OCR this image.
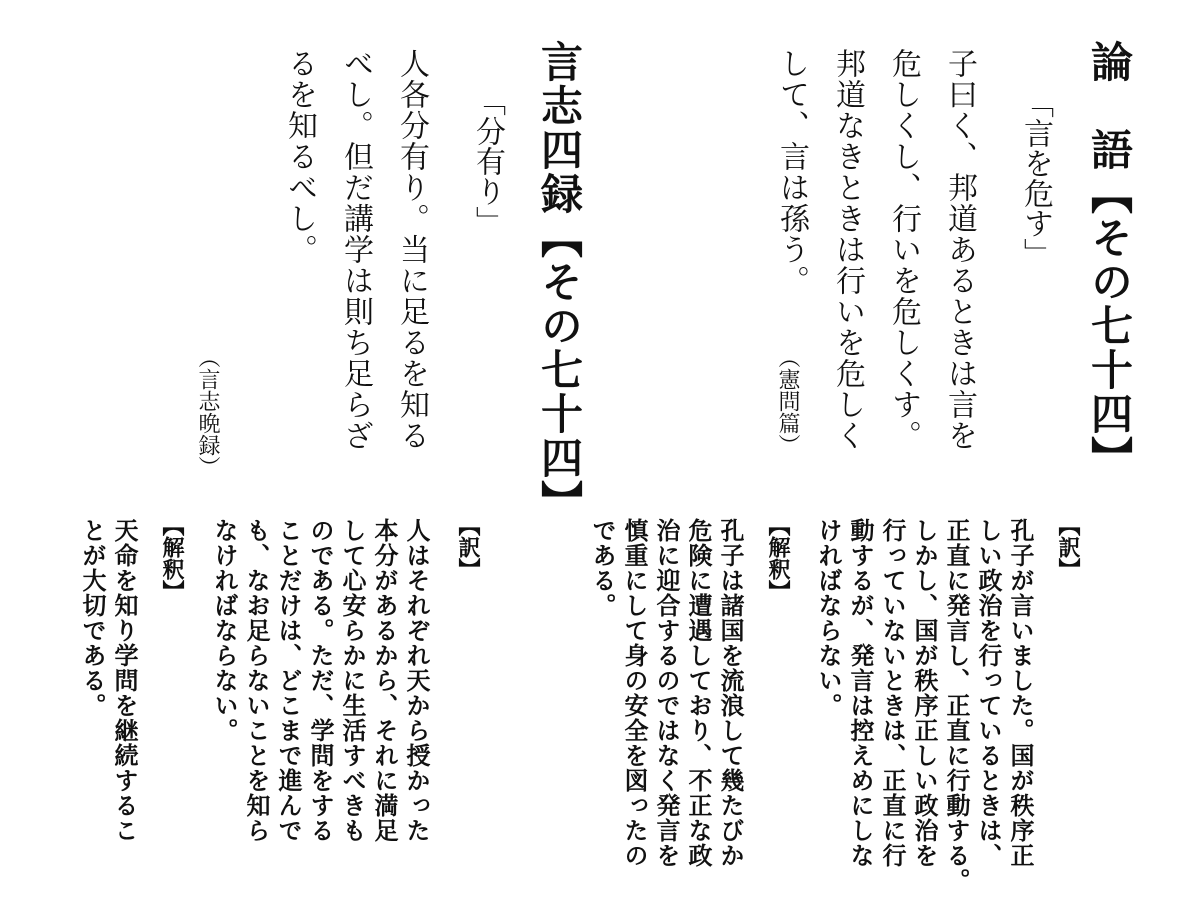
論　語【その七十四】
「言を危す」
子曰く、邦道あるときは言を
危しくし、行いを危しくす。
邦道なきときは行いを危しく
して、言は孫う。
（憲問篇）
【訳】
孔子が言いました。国が秩序正
しい政治を行っているときは、
正直に発言し、正直に行動する。
しかし、国が秩序正しい政治を
行っていないときは、正直に行
動するが、発言は控えめにしな
ければならない。
【解釈】
孔子は諸国を流浪して幾たびか
危険に遭遇しており、不正な政
治に迎合するのではなく発言を
慎重にして身の安全を図ったの
である。
言志四録【その七十四】
「分有り」
人各分有り。当に足るを知る
べし。但だ講学は則ち足らざ
るを知るべし。
（言志晩録）
【訳】
人はそれぞれ天から授かった
本分があるから、それに満足
して心安らかに生活すべきも
のである。ただ、学問をする
ことだけは、どこまで進んで
も、なお足らないことを知ら
なければならない。
【解釈】
天命を知り学問を継続するこ
とが大切である。
